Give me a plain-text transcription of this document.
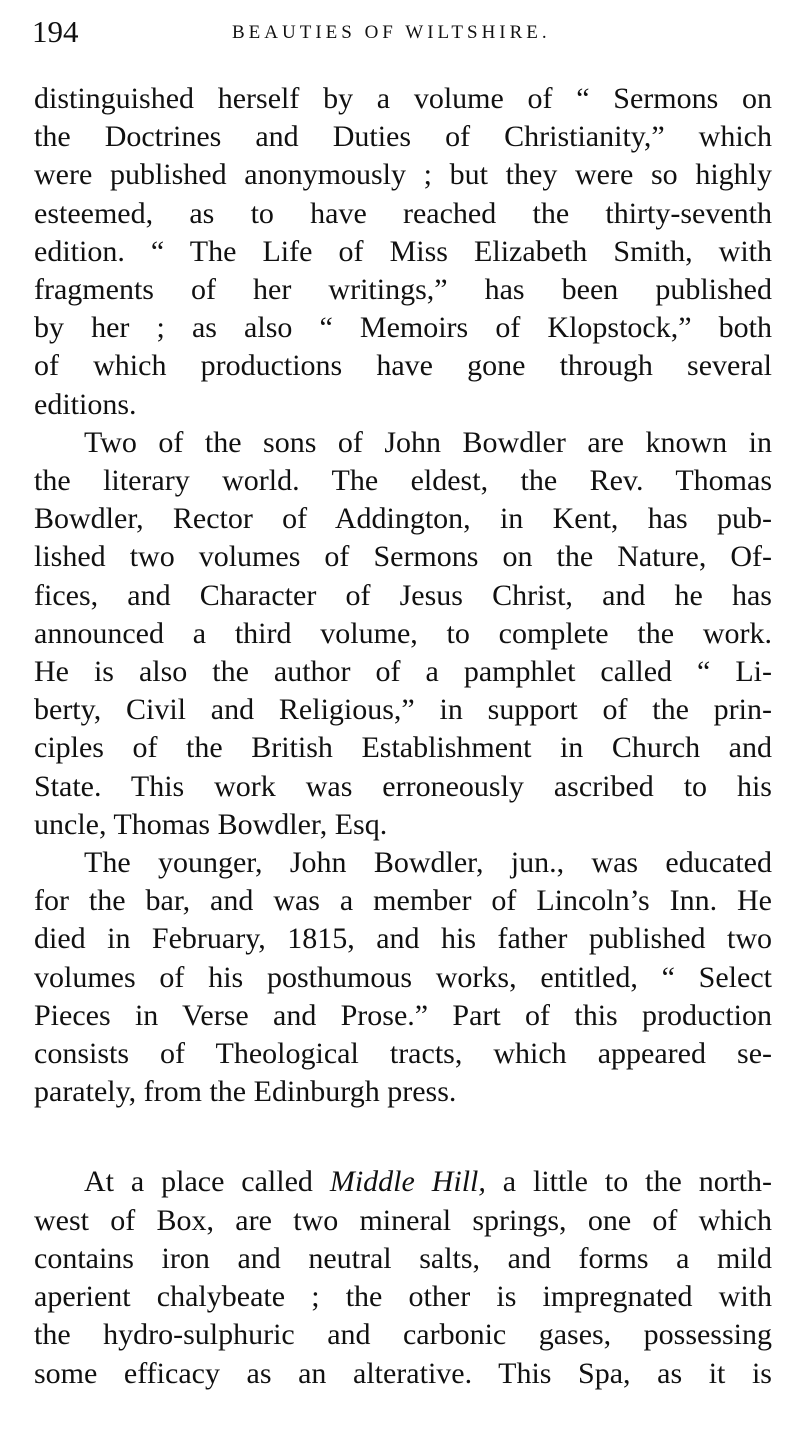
194	BEAUTIES OF WILTSHIRE.

distinguished herself by a volume of “ Sermons on
the Doctrines and Duties of Christianity,” which
were published anonymously ; but they were so highly
esteemed, as to have reached the thirty-seventh
edition. “ The Life of Miss Elizabeth Smith, with
fragments of her writings,” has been published
by her ; as also “ Memoirs of Klopstock,” both
of which productions have gone through several
editions.

Two of the sons of John Bowdler are known in
the literary world. The eldest, the Rev. Thomas
Bowdler, Rector of Addington, in Kent, has pub-
lished two volumes of Sermons on the Nature, Of-
fices, and Character of Jesus Christ, and he has
announced a third volume, to complete the work.
He is also the author of a pamphlet called “ Li-
berty, Civil and Religious,” in support of the prin-
ciples of the British Establishment in Church and
State. This work was erroneously ascribed to his
uncle, Thomas Bowdler, Esq.

The younger, John Bowdler, jun., was educated
for the bar, and was a member of Lincoln’s Inn. He
died in February, 1815, and his father published two
volumes of his posthumous works, entitled, “ Select
Pieces in Verse and Prose.” Part of this production
consists of Theological tracts, which appeared se-
parately, from the Edinburgh press.

At a place called Middle Hill, a little to the north-
west of Box, are two mineral springs, one of which
contains iron and neutral salts, and forms a mild
aperient chalybeate ; the other is impregnated with
the hydro-sulphuric and carbonic gases, possessing
some efficacy as an alterative. This Spa, as it is
